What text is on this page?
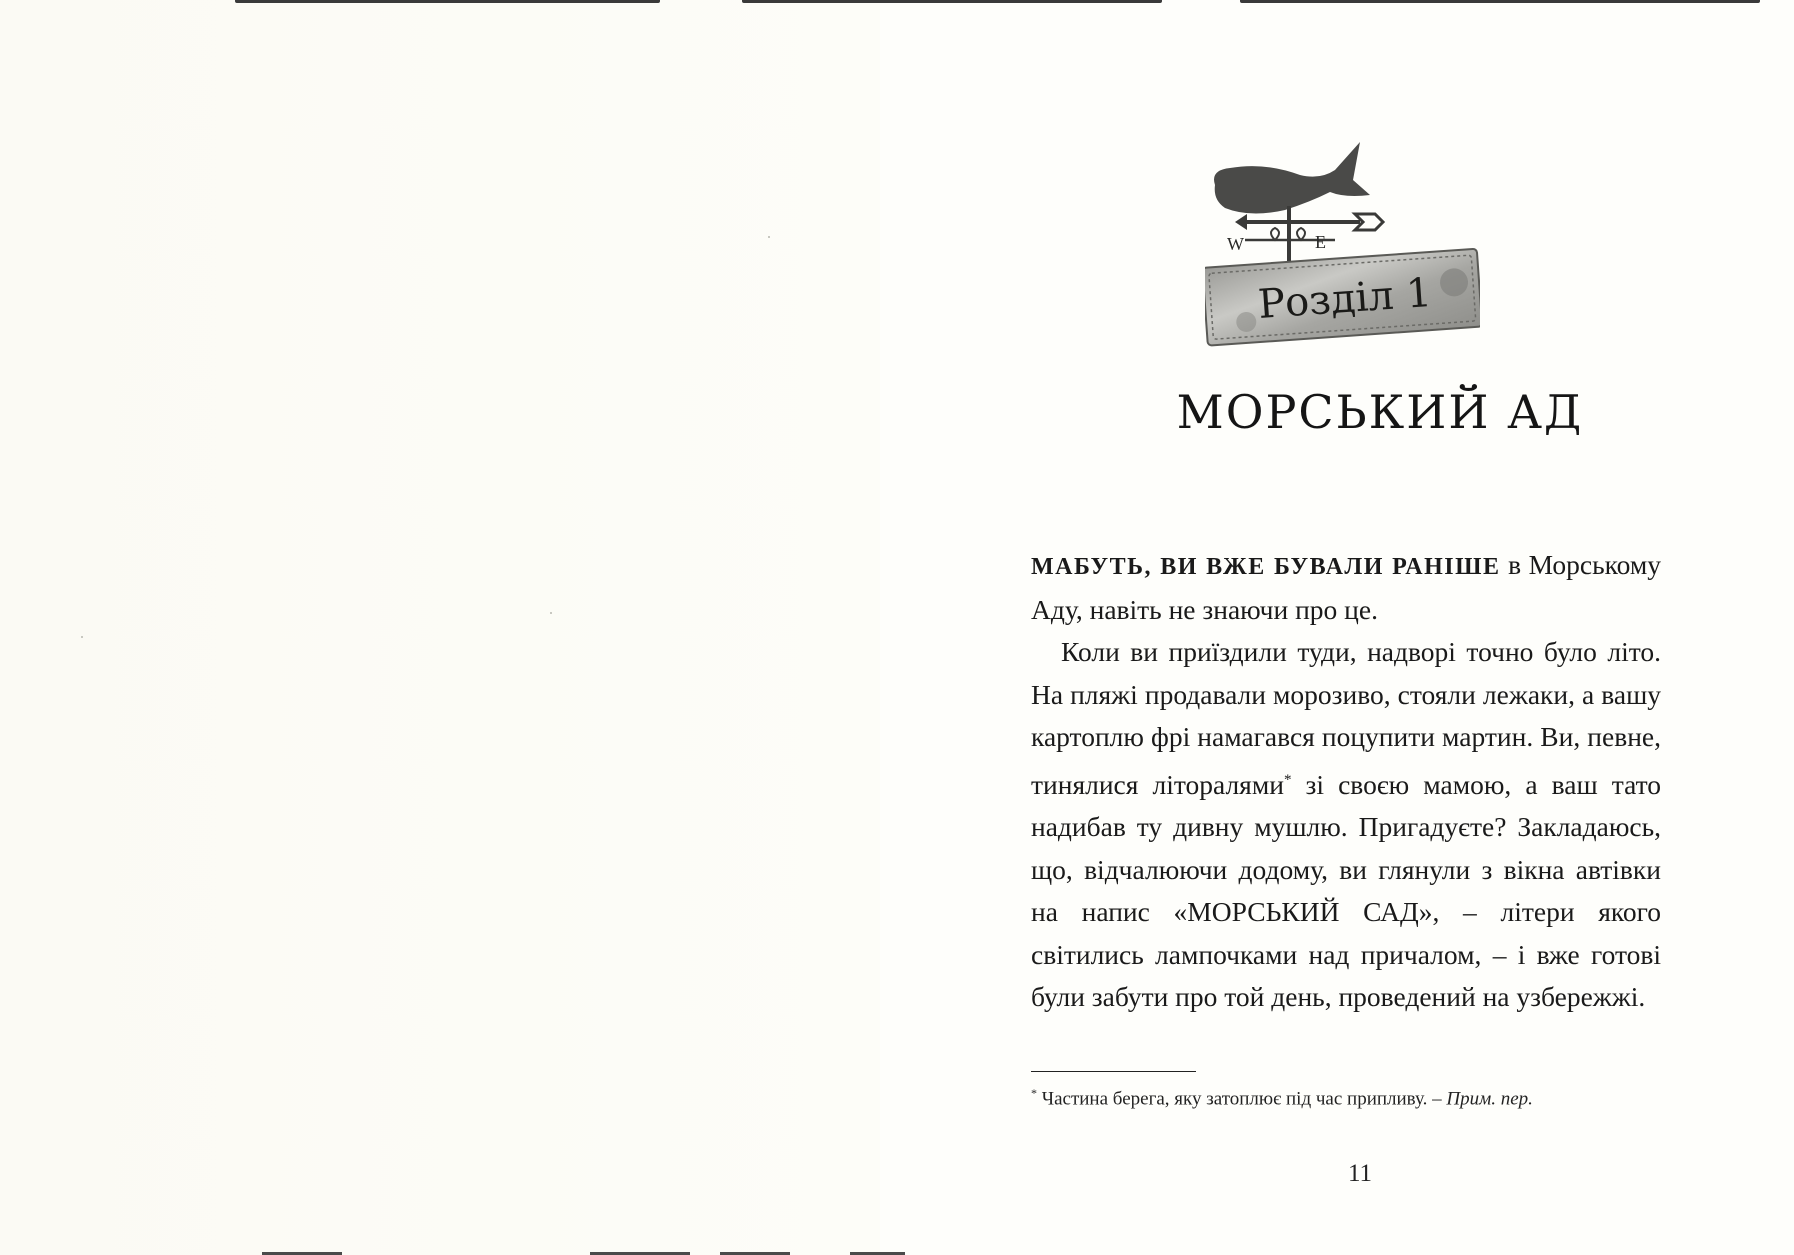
W	E
Розділ 1
МОРСЬКИЙ АД

МАБУТЬ, ВИ ВЖЕ БУВАЛИ РАНІШЕ в Морському Аду, навіть не знаючи про це.

Коли ви приїздили туди, надворі точно було літо. На пляжі продавали морозиво, стояли лежаки, а вашу картоплю фрі намагався поцупити мартин. Ви, певне, тинялися літоралями* зі своєю мамою, а ваш тато надибав ту дивну мушлю. Пригадуєте? Закладаюсь, що, відчалюючи додому, ви глянули з вікна автівки на напис «МОРСЬКИЙ САД», – літери якого світились лампочками над причалом, – і вже готові були забути про той день, проведений на узбережжі.

* Частина берега, яку затоплює під час припливу. – Прим. пер.
11
